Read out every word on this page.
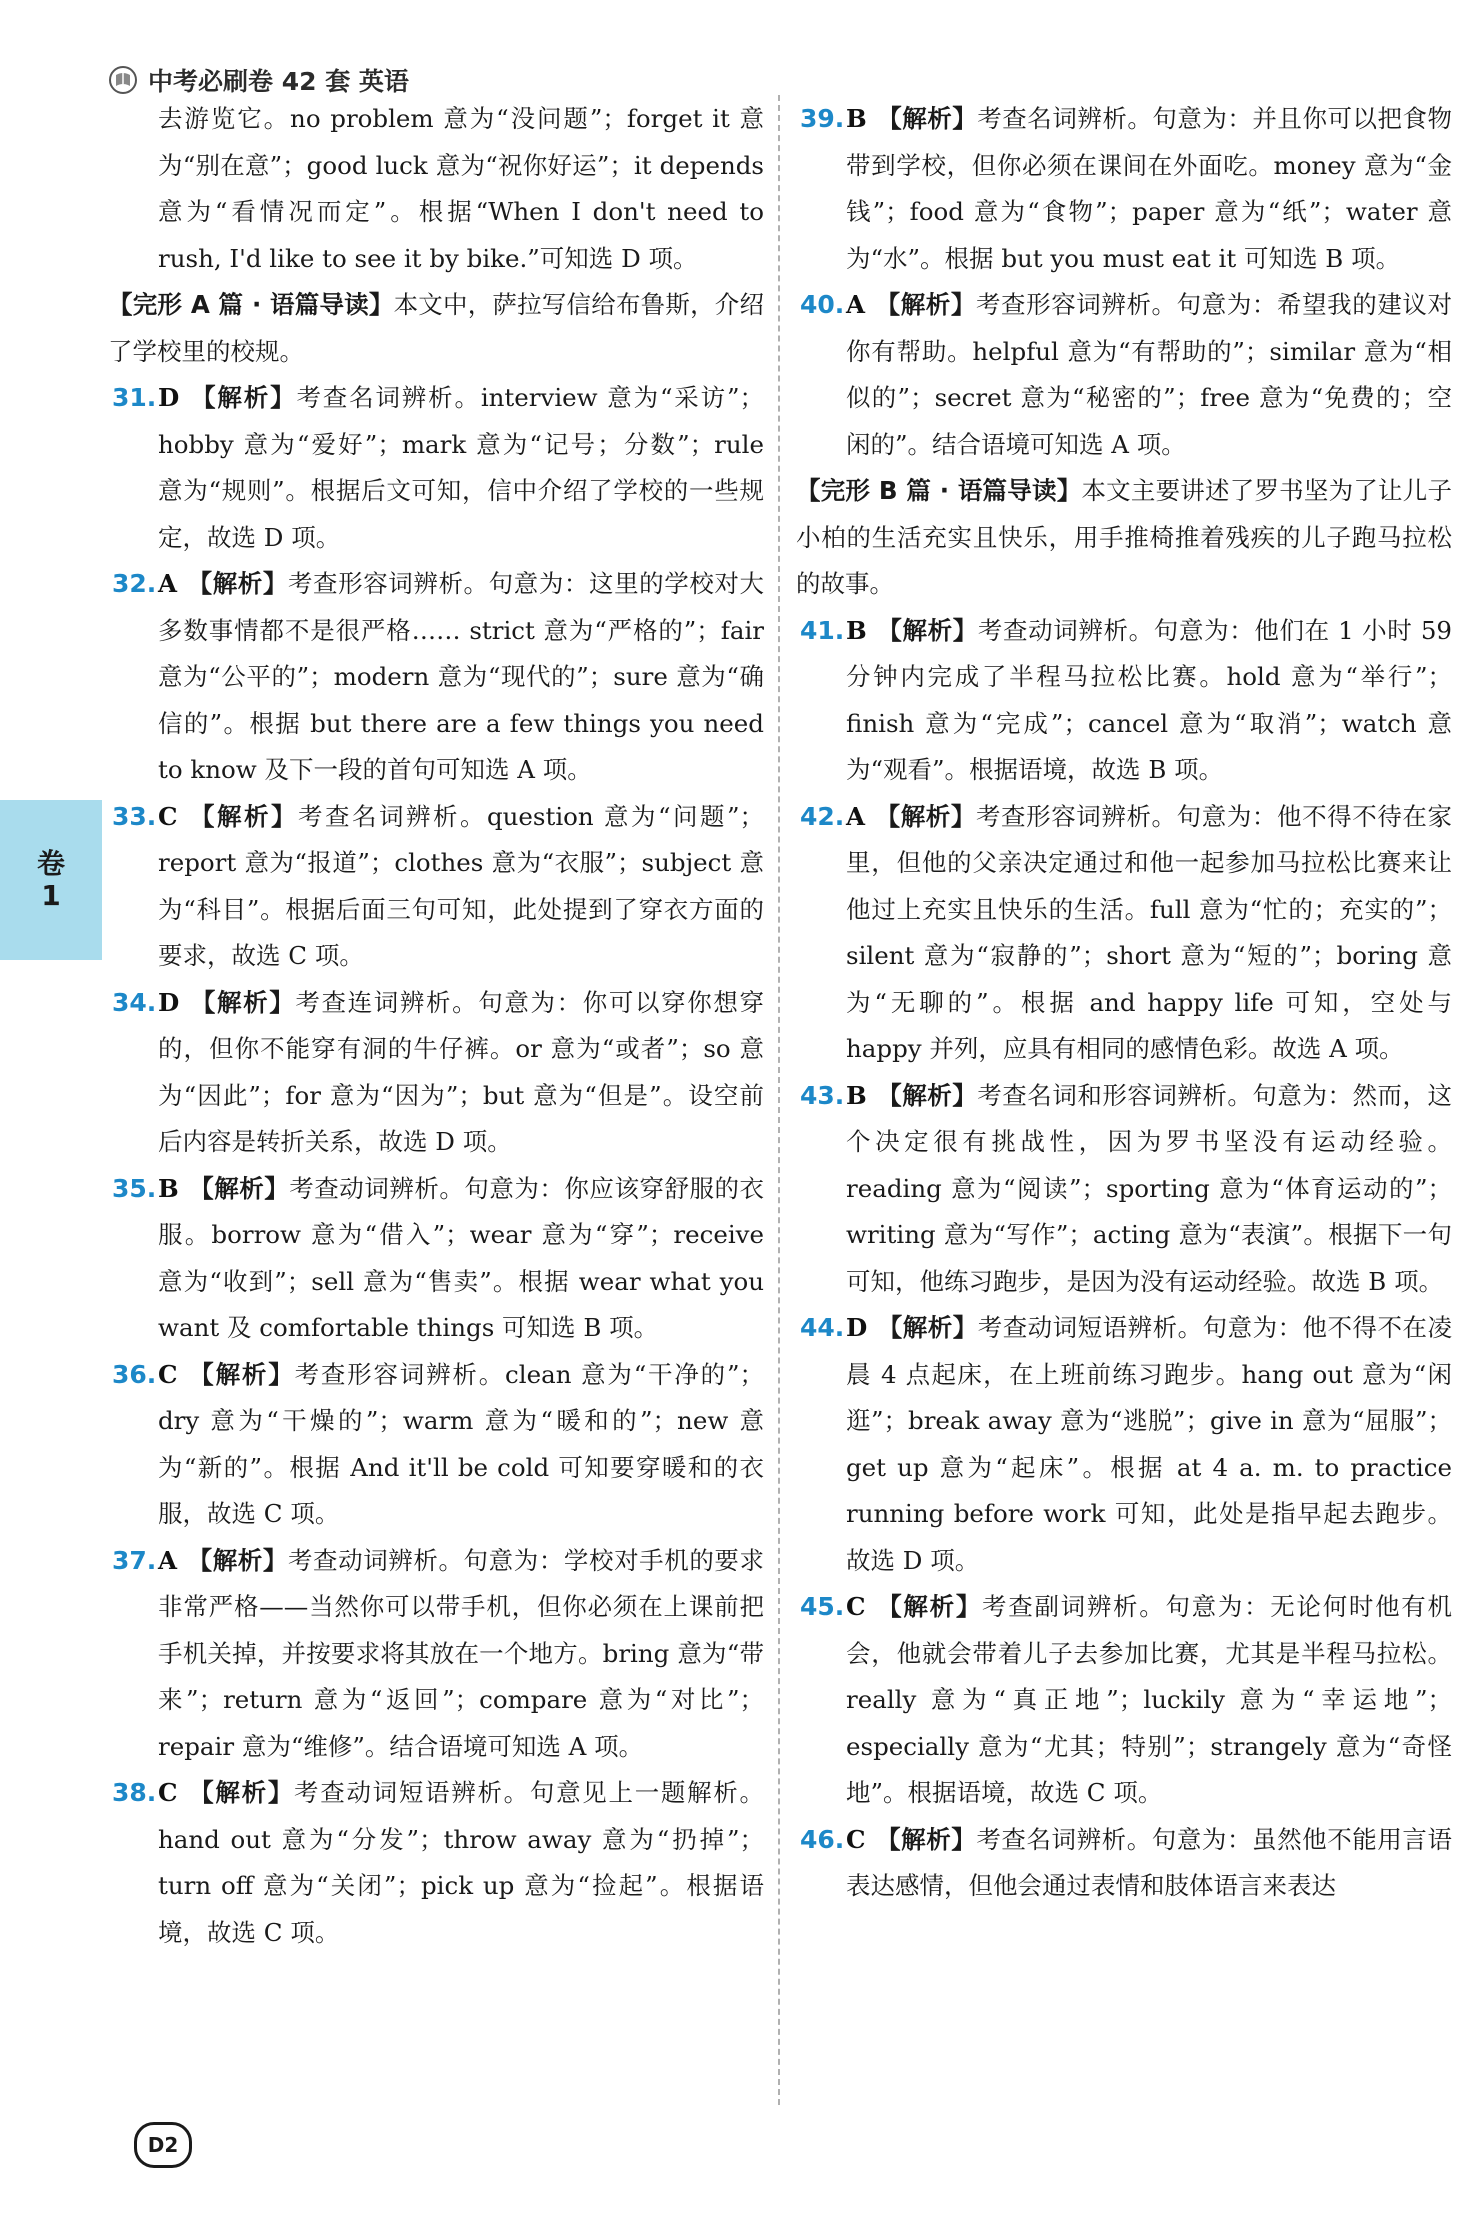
中考必刷卷 42 套 英语
卷
1

去游览它。no problem 意为“没问题”；forget it 意为“别在意”；good luck 意为“祝你好运”；it depends 意为“看情况而定”。根据“When I don't need to rush, I'd like to see it by bike.”可知选 D 项。

【完形 A 篇 · 语篇导读】本文中，萨拉写信给布鲁斯，介绍了学校里的校规。

31. D 【解析】考查名词辨析。interview 意为“采访”；hobby 意为“爱好”；mark 意为“记号；分数”；rule 意为“规则”。根据后文可知，信中介绍了学校的一些规定，故选 D 项。
32. A 【解析】考查形容词辨析。句意为：这里的学校对大多数事情都不是很严格…… strict 意为“严格的”；fair 意为“公平的”；modern 意为“现代的”；sure 意为“确信的”。根据 but there are a few things you need to know 及下一段的首句可知选 A 项。
33. C 【解析】考查名词辨析。question 意为“问题”；report 意为“报道”；clothes 意为“衣服”；subject 意为“科目”。根据后面三句可知，此处提到了穿衣方面的要求，故选 C 项。
34. D 【解析】考查连词辨析。句意为：你可以穿你想穿的，但你不能穿有洞的牛仔裤。or 意为“或者”；so 意为“因此”；for 意为“因为”；but 意为“但是”。设空前后内容是转折关系，故选 D 项。
35. B 【解析】考查动词辨析。句意为：你应该穿舒服的衣服。borrow 意为“借入”；wear 意为“穿”；receive 意为“收到”；sell 意为“售卖”。根据 wear what you want 及 comfortable things 可知选 B 项。
36. C 【解析】考查形容词辨析。clean 意为“干净的”；dry 意为“干燥的”；warm 意为“暖和的”；new 意为“新的”。根据 And it'll be cold 可知要穿暖和的衣服，故选 C 项。
37. A 【解析】考查动词辨析。句意为：学校对手机的要求非常严格——当然你可以带手机，但你必须在上课前把手机关掉，并按要求将其放在一个地方。bring 意为“带来”；return 意为“返回”；compare 意为“对比”；repair 意为“维修”。结合语境可知选 A 项。
38. C 【解析】考查动词短语辨析。句意见上一题解析。hand out 意为“分发”；throw away 意为“扔掉”；turn off 意为“关闭”；pick up 意为“捡起”。根据语境，故选 C 项。
39. B 【解析】考查名词辨析。句意为：并且你可以把食物带到学校，但你必须在课间在外面吃。money 意为“金钱”；food 意为“食物”；paper 意为“纸”；water 意为“水”。根据 but you must eat it 可知选 B 项。
40. A 【解析】考查形容词辨析。句意为：希望我的建议对你有帮助。helpful 意为“有帮助的”；similar 意为“相似的”；secret 意为“秘密的”；free 意为“免费的；空闲的”。结合语境可知选 A 项。

【完形 B 篇 · 语篇导读】本文主要讲述了罗书坚为了让儿子小柏的生活充实且快乐，用手推椅推着残疾的儿子跑马拉松的故事。

41. B 【解析】考查动词辨析。句意为：他们在 1 小时 59 分钟内完成了半程马拉松比赛。hold 意为“举行”；finish 意为“完成”；cancel 意为“取消”；watch 意为“观看”。根据语境，故选 B 项。
42. A 【解析】考查形容词辨析。句意为：他不得不待在家里，但他的父亲决定通过和他一起参加马拉松比赛来让他过上充实且快乐的生活。full 意为“忙的；充实的”；silent 意为“寂静的”；short 意为“短的”；boring 意为“无聊的”。根据 and happy life 可知，空处与 happy 并列，应具有相同的感情色彩。故选 A 项。
43. B 【解析】考查名词和形容词辨析。句意为：然而，这个决定很有挑战性，因为罗书坚没有运动经验。reading 意为“阅读”；sporting 意为“体育运动的”；writing 意为“写作”；acting 意为“表演”。根据下一句可知，他练习跑步，是因为没有运动经验。故选 B 项。
44. D 【解析】考查动词短语辨析。句意为：他不得不在凌晨 4 点起床，在上班前练习跑步。hang out 意为“闲逛”；break away 意为“逃脱”；give in 意为“屈服”；get up 意为“起床”。根据 at 4 a. m. to practice running before work 可知，此处是指早起去跑步。故选 D 项。
45. C 【解析】考查副词辨析。句意为：无论何时他有机会，他就会带着儿子去参加比赛，尤其是半程马拉松。really 意为“真正地”；luckily 意为“幸运地”；especially 意为“尤其；特别”；strangely 意为“奇怪地”。根据语境，故选 C 项。
46. C 【解析】考查名词辨析。句意为：虽然他不能用言语表达感情，但他会通过表情和肢体语言来表达
D2
